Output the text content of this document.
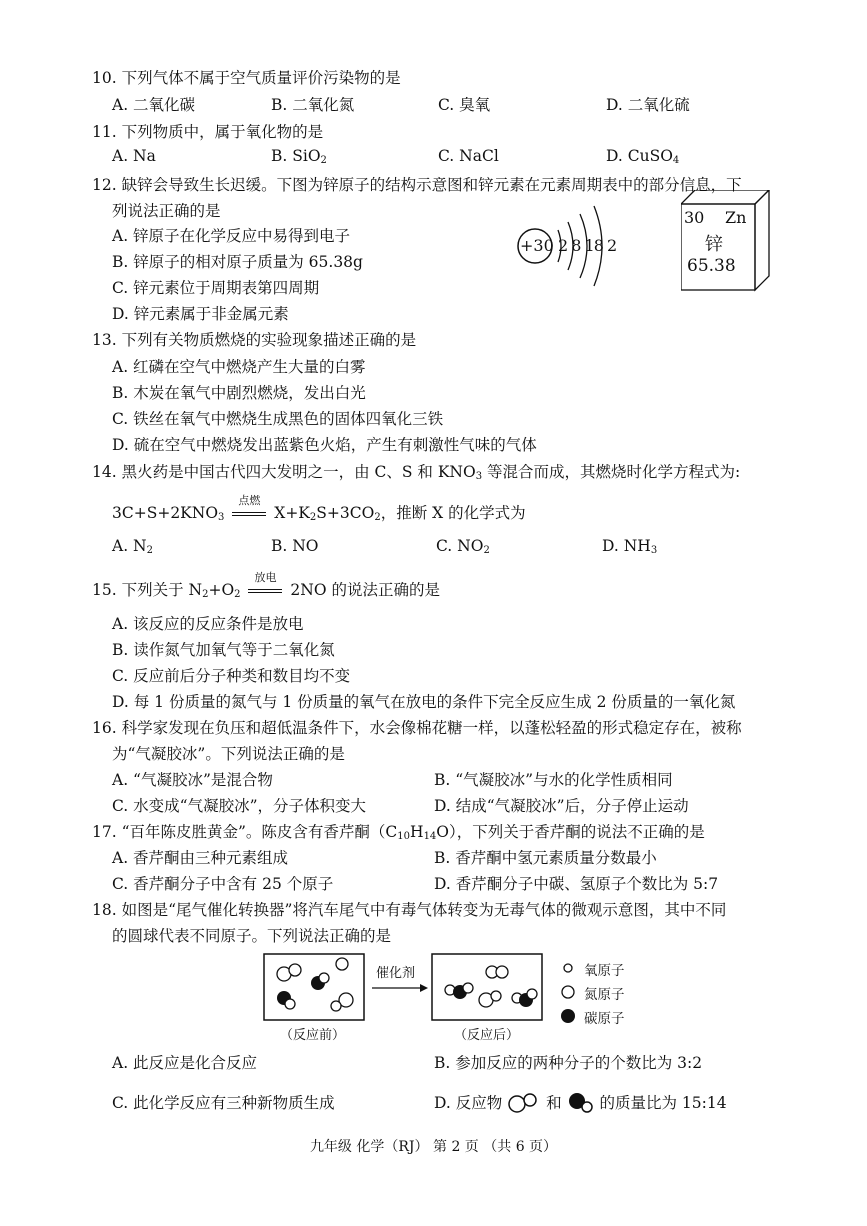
10. 下列气体不属于空气质量评价污染物的是
A. 二氧化碳	B. 二氧化氮	C. 臭氧	D. 二氧化硫
11. 下列物质中，属于氧化物的是
A. Na	B. SiO$_2$	C. NaCl	D. CuSO$_4$
12. 缺锌会导致生长迟缓。下图为锌原子的结构示意图和锌元素在元素周期表中的部分信息，下
列说法正确的是
A. 锌原子在化学反应中易得到电子
B. 锌原子的相对原子质量为 65.38g
C. 锌元素位于周期表第四周期
D. 锌元素属于非金属元素
+30 2 8 18 2
30 Zn
锌
65.38
13. 下列有关物质燃烧的实验现象描述正确的是
A. 红磷在空气中燃烧产生大量的白雾
B. 木炭在氧气中剧烈燃烧，发出白光
C. 铁丝在氧气中燃烧生成黑色的固体四氧化三铁
D. 硫在空气中燃烧发出蓝紫色火焰，产生有刺激性气味的气体
14. 黑火药是中国古代四大发明之一，由 C、S 和 $KNO_3$ 等混合而成，其燃烧时化学方程式为:
$3C+S+2KNO_3$
点燃
$X+K_2S+3CO_2$，推断 X 的化学式为
A. $N_2$	B. NO	C. $NO_2$	D. $NH_3$
15. 下列关于 $N_2+O_2$
放电
2NO 的说法正确的是
A. 该反应的反应条件是放电
B. 读作氮气加氧气等于二氧化氮
C. 反应前后分子种类和数目均不变
D. 每 1 份质量的氮气与 1 份质量的氧气在放电的条件下完全反应生成 2 份质量的一氧化氮
16. 科学家发现在负压和超低温条件下，水会像棉花糖一样，以蓬松轻盈的形式稳定存在，被称
为“气凝胶冰”。下列说法正确的是
A. “气凝胶冰”是混合物	B. “气凝胶冰”与水的化学性质相同
C. 水变成“气凝胶冰”，分子体积变大	D. 结成“气凝胶冰”后，分子停止运动
17. “百年陈皮胜黄金”。陈皮含有香芹酮$(C_{10}H_{14}O)$，下列关于香芹酮的说法不正确的是
A. 香芹酮由三种元素组成	B. 香芹酮中氢元素质量分数最小
C. 香芹酮分子中含有 25 个原子	D. 香芹酮分子中碳、氢原子个数比为 5:7
18. 如图是“尾气催化转换器”将汽车尾气中有毒气体转变为无毒气体的微观示意图，其中不同
的圆球代表不同原子。下列说法正确的是
催化剂
（反应前）	（反应后）
氧原子
氮原子
碳原子
A. 此反应是化合反应	B. 参加反应的两种分子的个数比为 3:2
C. 此化学反应有三种新物质生成	D. 反应物	和 的质量比为 15:14
九年级 化学（RJ） 第 2 页 （共 6 页）
